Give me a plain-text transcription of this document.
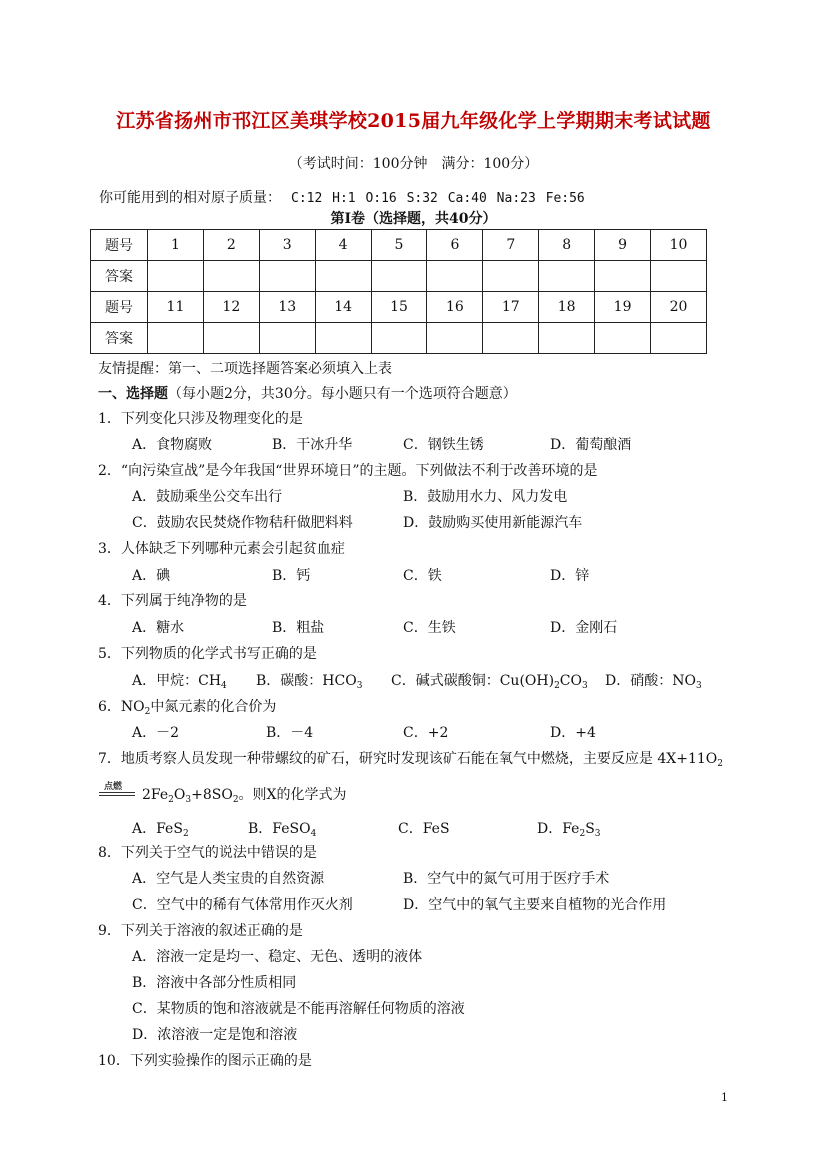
江苏省扬州市邗江区美琪学校2015届九年级化学上学期期末考试试题
（考试时间：100分钟　满分：100分）
你可能用到的相对原子质量： C:12 H:1 O:16 S:32 Ca:40 Na:23 Fe:56
第Ⅰ卷（选择题，共40分）
题号	1	2	3	4	5	6	7	8	9	10
答案										
题号	11	12	13	14	15	16	17	18	19	20
答案										
友情提醒：第一、二项选择题答案必须填入上表
一、选择题（每小题2分，共30分。每小题只有一个选项符合题意）
1．下列变化只涉及物理变化的是
A．食物腐败	B．干冰升华	C．钢铁生锈	D．葡萄酿酒
2．“向污染宣战”是今年我国“世界环境日”的主题。下列做法不利于改善环境的是
A．鼓励乘坐公交车出行	B．鼓励用水力、风力发电
C．鼓励农民焚烧作物秸秆做肥料料	D．鼓励购买使用新能源汽车
3．人体缺乏下列哪种元素会引起贫血症
A．碘	B．钙	C．铁	D．锌
4．下列属于纯净物的是
A．糖水	B．粗盐	C．生铁	D．金刚石
5．下列物质的化学式书写正确的是
A．甲烷：$CH_4$ B．碳酸：$HCO_3$ C．碱式碳酸铜：$Cu(OH)_2CO_3$ D．硝酸：$NO_3$
6．$NO_2$中氮元素的化合价为
A．－2	B．－4	C．+2	D．+4
7．地质考察人员发现一种带螺纹的矿石，研究时发现该矿石能在氧气中燃烧，主要反应是 $4X+11O_2$
点燃 $2Fe_2O_3+8SO_2$。则X的化学式为
A．FeS$_2$	B．FeSO$_4$	C．FeS	D．$Fe_2S_3$
8．下列关于空气的说法中错误的是
A．空气是人类宝贵的自然资源	B．空气中的氮气可用于医疗手术
C．空气中的稀有气体常用作灭火剂	D．空气中的氧气主要来自植物的光合作用
9．下列关于溶液的叙述正确的是
A．溶液一定是均一、稳定、无色、透明的液体
B．溶液中各部分性质相同
C．某物质的饱和溶液就是不能再溶解任何物质的溶液
D．浓溶液一定是饱和溶液
10．下列实验操作的图示正确的是
1
